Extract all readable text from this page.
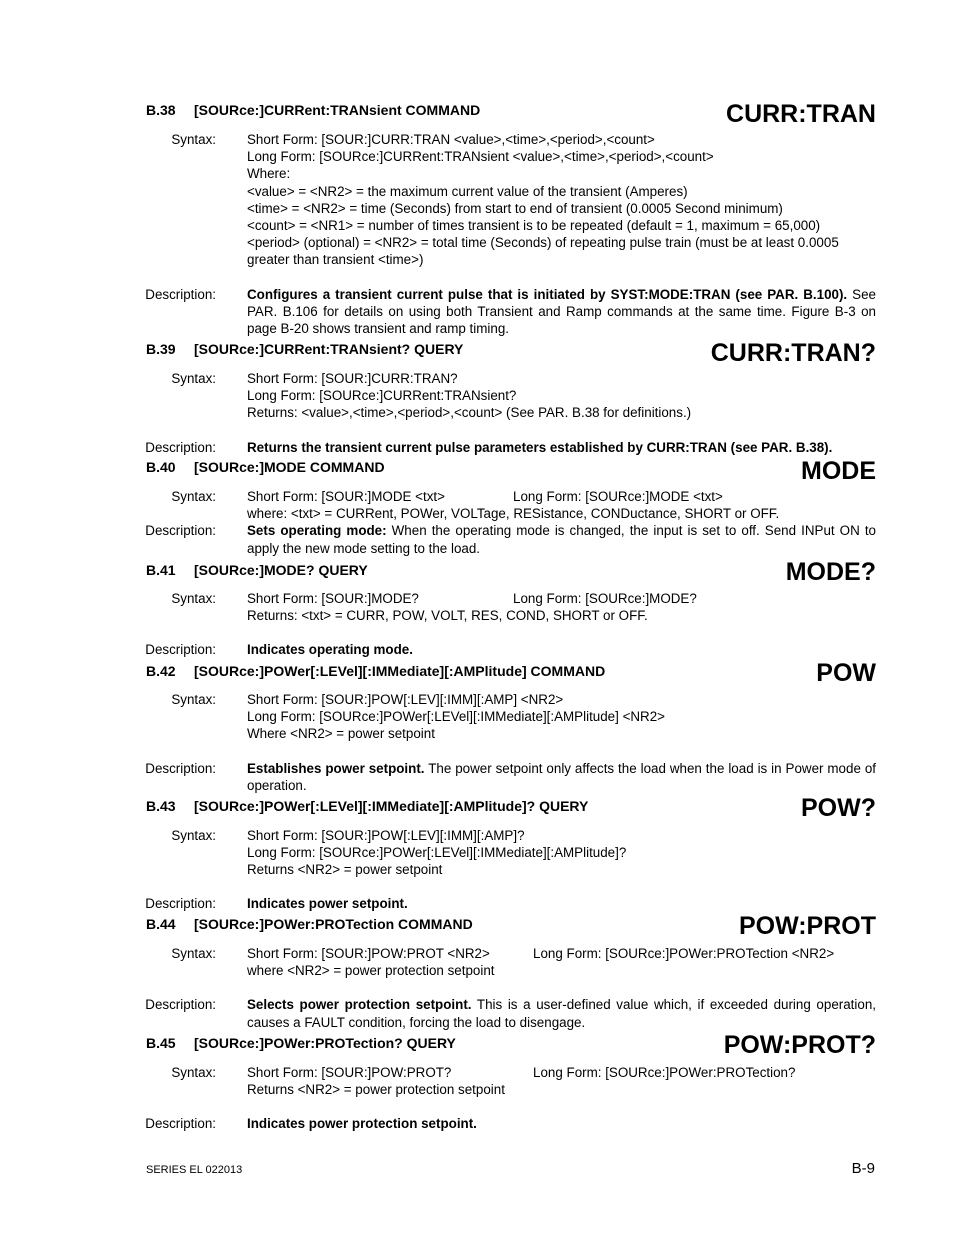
B.38 [SOURce:]CURRent:TRANsient COMMAND	CURR:TRAN
Syntax: Short Form: [SOUR:]CURR:TRAN <value>,<time>,<period>,<count>
Long Form: [SOURce:]CURRent:TRANsient <value>,<time>,<period>,<count>
Where:
<value> = <NR2> = the maximum current value of the transient (Amperes)
<time> = <NR2> = time (Seconds) from start to end of transient (0.0005 Second minimum)
<count> = <NR1> = number of times transient is to be repeated (default = 1, maximum = 65,000)
<period> (optional) = <NR2> = total time (Seconds) of repeating pulse train (must be at least 0.0005
greater than transient <time>)
Description: Configures a transient current pulse that is initiated by SYST:MODE:TRAN (see PAR. B.100). See PAR. B.106 for details on using both Transient and Ramp commands at the same time. Figure B-3 on page B-20 shows transient and ramp timing.
B.39 [SOURce:]CURRent:TRANsient? QUERY	CURR:TRAN?
Syntax: Short Form: [SOUR:]CURR:TRAN?
Long Form: [SOURce:]CURRent:TRANsient?
Returns: <value>,<time>,<period>,<count> (See PAR. B.38 for definitions.)
Description: Returns the transient current pulse parameters established by CURR:TRAN (see PAR. B.38).
B.40 [SOURce:]MODE COMMAND	MODE
Syntax: Short Form: [SOUR:]MODE <txt>	Long Form: [SOURce:]MODE <txt>
where: <txt> = CURRent, POWer, VOLTage, RESistance, CONDuctance, SHORT or OFF.
Description: Sets operating mode: When the operating mode is changed, the input is set to off. Send INPut ON to apply the new mode setting to the load.
B.41 [SOURce:]MODE? QUERY	MODE?
Syntax: Short Form: [SOUR:]MODE?	Long Form: [SOURce:]MODE?
Returns: <txt> = CURR, POW, VOLT, RES, COND, SHORT or OFF.
Description: Indicates operating mode.
B.42 [SOURce:]POWer[:LEVel][:IMMediate][:AMPlitude] COMMAND	POW
Syntax: Short Form: [SOUR:]POW[:LEV][:IMM][:AMP] <NR2>
Long Form: [SOURce:]POWer[:LEVel][:IMMediate][:AMPlitude] <NR2>
Where <NR2> = power setpoint
Description: Establishes power setpoint. The power setpoint only affects the load when the load is in Power mode of operation.
B.43 [SOURce:]POWer[:LEVel][:IMMediate][:AMPlitude]? QUERY	POW?
Syntax: Short Form: [SOUR:]POW[:LEV][:IMM][:AMP]?
Long Form: [SOURce:]POWer[:LEVel][:IMMediate][:AMPlitude]?
Returns <NR2> = power setpoint
Description: Indicates power setpoint.
B.44 [SOURce:]POWer:PROTection COMMAND	POW:PROT
Syntax: Short Form: [SOUR:]POW:PROT <NR2>	Long Form: [SOURce:]POWer:PROTection <NR2>
where <NR2> = power protection setpoint
Description: Selects power protection setpoint. This is a user-defined value which, if exceeded during operation, causes a FAULT condition, forcing the load to disengage.
B.45 [SOURce:]POWer:PROTection? QUERY	POW:PROT?
Syntax: Short Form: [SOUR:]POW:PROT?	Long Form: [SOURce:]POWer:PROTection?
Returns <NR2> = power protection setpoint
Description: Indicates power protection setpoint.
SERIES EL 022013	B-9
